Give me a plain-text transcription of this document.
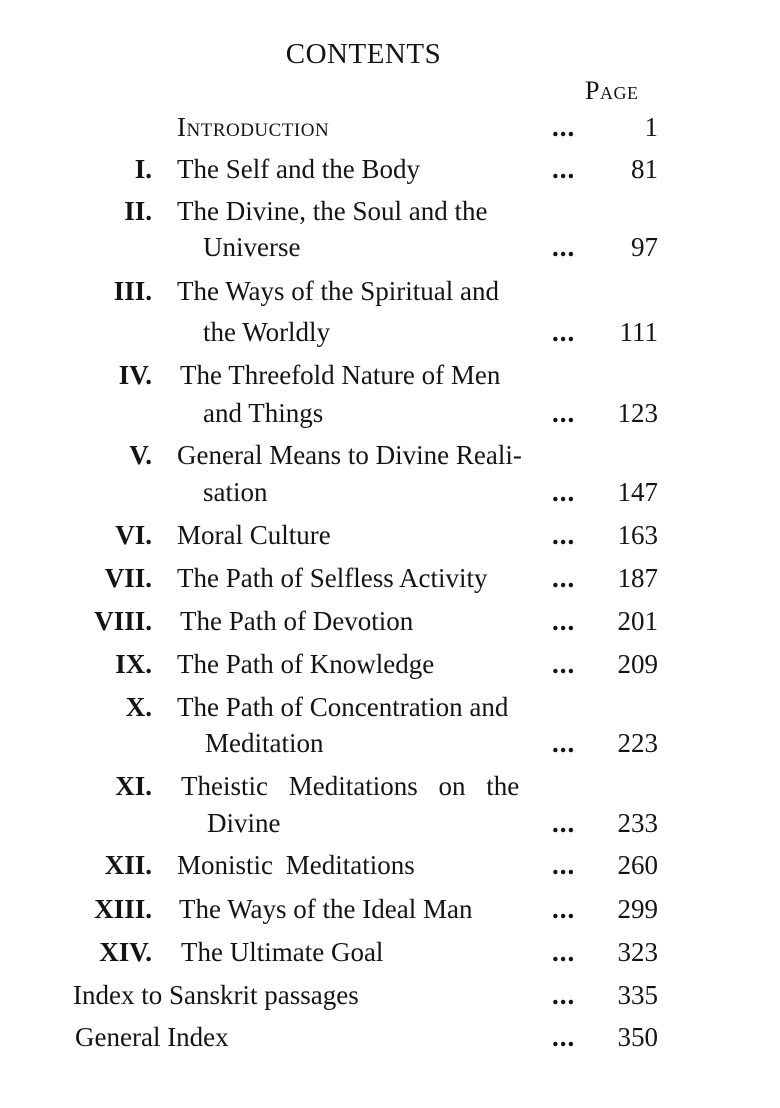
CONTENTS
Page
Introduction	...	1
I. The Self and the Body	... 81
II. The Divine, the Soul and the
Universe	... 97
III. The Ways of the Spiritual and
the Worldly	... 111
IV. The Threefold Nature of Men
and Things	... 123
V. General Means to Divine Reali-
sation	... 147
VI. Moral Culture	... 163
VII. The Path of Selfless Activity ... 187
VIII. The Path of Devotion	... 201
IX. The Path of Knowledge	... 209
X. The Path of Concentration and
Meditation	... 223
XI. Theistic Meditations on the
Divine	... 233
XII. Monistic Meditations	... 260
XIII. The Ways of the Ideal Man	... 299
XIV. The Ultimate Goal	... 323
Index to Sanskrit passages	... 335
General Index	... 350
